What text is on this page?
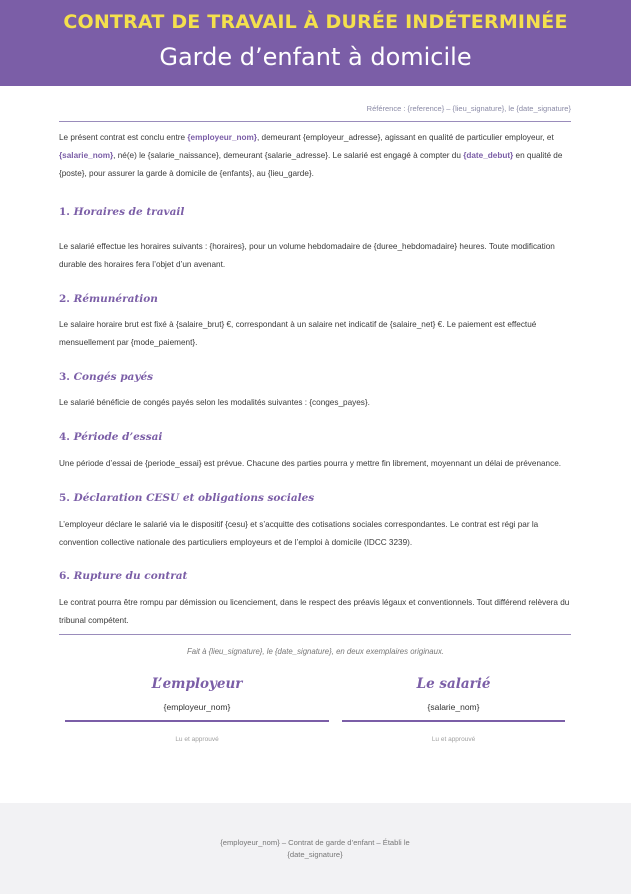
CONTRAT DE TRAVAIL À DURÉE INDÉTERMINÉE
Garde d’enfant à domicile
Référence : {reference} – {lieu_signature}, le {date_signature}
Le présent contrat est conclu entre {employeur_nom}, demeurant {employeur_adresse}, agissant en qualité de particulier employeur, et {salarie_nom}, né(e) le {salarie_naissance}, demeurant {salarie_adresse}. Le salarié est engagé à compter du {date_debut} en qualité de {poste}, pour assurer la garde à domicile de {enfants}, au {lieu_garde}.
1. Horaires de travail
Le salarié effectue les horaires suivants : {horaires}, pour un volume hebdomadaire de {duree_hebdomadaire} heures. Toute modification durable des horaires fera l’objet d’un avenant.
2. Rémunération
Le salaire horaire brut est fixé à {salaire_brut} €, correspondant à un salaire net indicatif de {salaire_net} €. Le paiement est effectué mensuellement par {mode_paiement}.
3. Congés payés
Le salarié bénéficie de congés payés selon les modalités suivantes : {conges_payes}.
4. Période d’essai
Une période d’essai de {periode_essai} est prévue. Chacune des parties pourra y mettre fin librement, moyennant un délai de prévenance.
5. Déclaration CESU et obligations sociales
L’employeur déclare le salarié via le dispositif {cesu} et s’acquitte des cotisations sociales correspondantes. Le contrat est régi par la convention collective nationale des particuliers employeurs et de l’emploi à domicile (IDCC 3239).
6. Rupture du contrat
Le contrat pourra être rompu par démission ou licenciement, dans le respect des préavis légaux et conventionnels. Tout différend relèvera du tribunal compétent.
Fait à {lieu_signature}, le {date_signature}, en deux exemplaires originaux.
L’employeur
{employeur_nom}
Lu et approuvé
Le salarié
{salarie_nom}
Lu et approuvé
{employeur_nom} – Contrat de garde d’enfant – Établi le {date_signature}
